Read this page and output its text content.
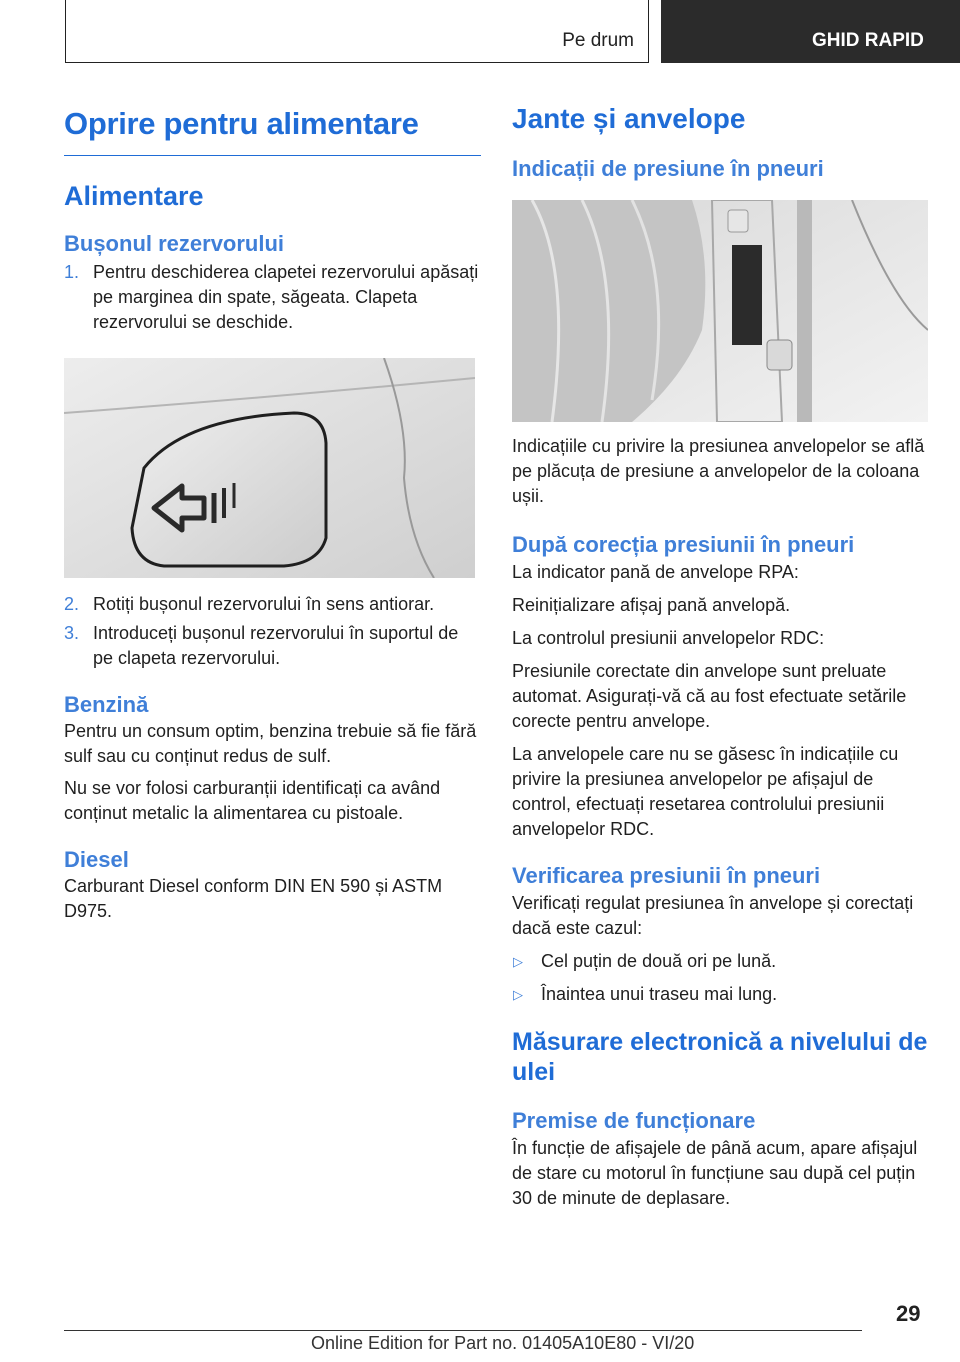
Pe drum	GHID RAPID
Oprire pentru alimentare
Alimentare
Bușonul rezervorului
1. Pentru deschiderea clapetei rezervorului apăsați pe marginea din spate, săgeata. Clapeta rezervorului se deschide.
2. Rotiți bușonul rezervorului în sens antiorar.
3. Introduceți bușonul rezervorului în suportul de pe clapeta rezervorului.
Benzină

Pentru un consum optim, benzina trebuie să fie fără sulf sau cu conținut redus de sulf.

Nu se vor folosi carburanții identificați ca având conținut metalic la alimentarea cu pistoale.

Diesel

Carburant Diesel conform DIN EN 590 și ASTM D975.

Jante și anvelope
Indicații de presiune în pneuri

Indicațiile cu privire la presiunea anvelopelor se află pe plăcuța de presiune a anvelopelor de la coloana ușii.

După corecția presiunii în pneuri

La indicator pană de anvelope RPA:

Reinițializare afișaj pană anvelopă.

La controlul presiunii anvelopelor RDC:

Presiunile corectate din anvelope sunt preluate automat. Asigurați-vă că au fost efectuate setările corecte pentru anvelope.

La anvelopele care nu se găsesc în indicațiile cu privire la presiunea anvelopelor pe afișajul de control, efectuați resetarea controlului presiunii anvelopelor RDC.

Verificarea presiunii în pneuri

Verificați regulat presiunea în anvelope și corectați dacă este cazul:

▷ Cel puțin de două ori pe lună.
▷ Înaintea unui traseu mai lung.
Măsurare electronică a nivelului de ulei
Premise de funcționare

În funcție de afișajele de până acum, apare afișajul de stare cu motorul în funcțiune sau după cel puțin 30 de minute de deplasare.

29
Online Edition for Part no. 01405A10E80 - VI/20
